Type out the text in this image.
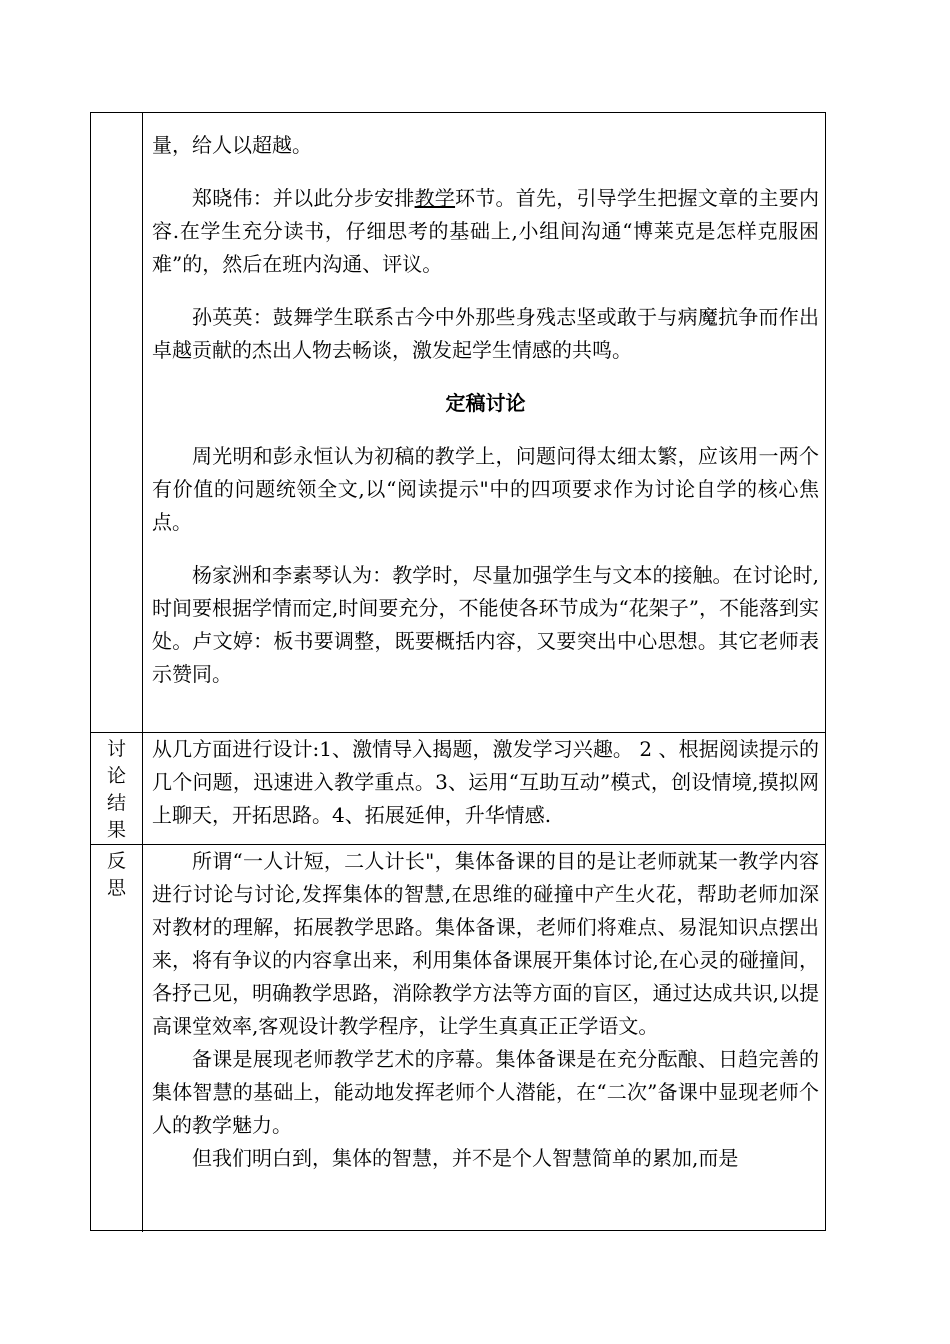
量，给人以超越。

郑晓伟：并以此分步安排教学环节。首先，引导学生把握文章的主要内容.在学生充分读书，仔细思考的基础上,小组间沟通“博莱克是怎样克服困难”的，然后在班内沟通、评议。

孙英英：鼓舞学生联系古今中外那些身残志坚或敢于与病魔抗争而作出卓越贡献的杰出人物去畅谈，激发起学生情感的共鸣。

定稿讨论

周光明和彭永恒认为初稿的教学上，问题问得太细太繁，应该用一两个有价值的问题统领全文,以“阅读提示"中的四项要求作为讨论自学的核心焦点。

杨家洲和李素琴认为：教学时，尽量加强学生与文本的接触。在讨论时,时间要根据学情而定,时间要充分，不能使各环节成为“花架子”，不能落到实处。卢文婷：板书要调整，既要概括内容，又要突出中心思想。其它老师表示赞同。

讨
论
结
果

从几方面进行设计:1、激情导入揭题，激发学习兴趣。 2 、根据阅读提示的几个问题，迅速进入教学重点。3、运用“互助互动”模式，创设情境,摸拟网上聊天，开拓思路。4、拓展延伸，升华情感.

反
思

所谓“一人计短，二人计长"，集体备课的目的是让老师就某一教学内容进行讨论与讨论,发挥集体的智慧,在思维的碰撞中产生火花，帮助老师加深对教材的理解，拓展教学思路。集体备课，老师们将难点、易混知识点摆出来，将有争议的内容拿出来，利用集体备课展开集体讨论,在心灵的碰撞间，各抒己见，明确教学思路，消除教学方法等方面的盲区，通过达成共识,以提高课堂效率,客观设计教学程序，让学生真真正正学语文。

备课是展现老师教学艺术的序幕。集体备课是在充分酝酿、日趋完善的集体智慧的基础上，能动地发挥老师个人潜能，在“二次”备课中显现老师个人的教学魅力。

但我们明白到，集体的智慧，并不是个人智慧简单的累加,而是
